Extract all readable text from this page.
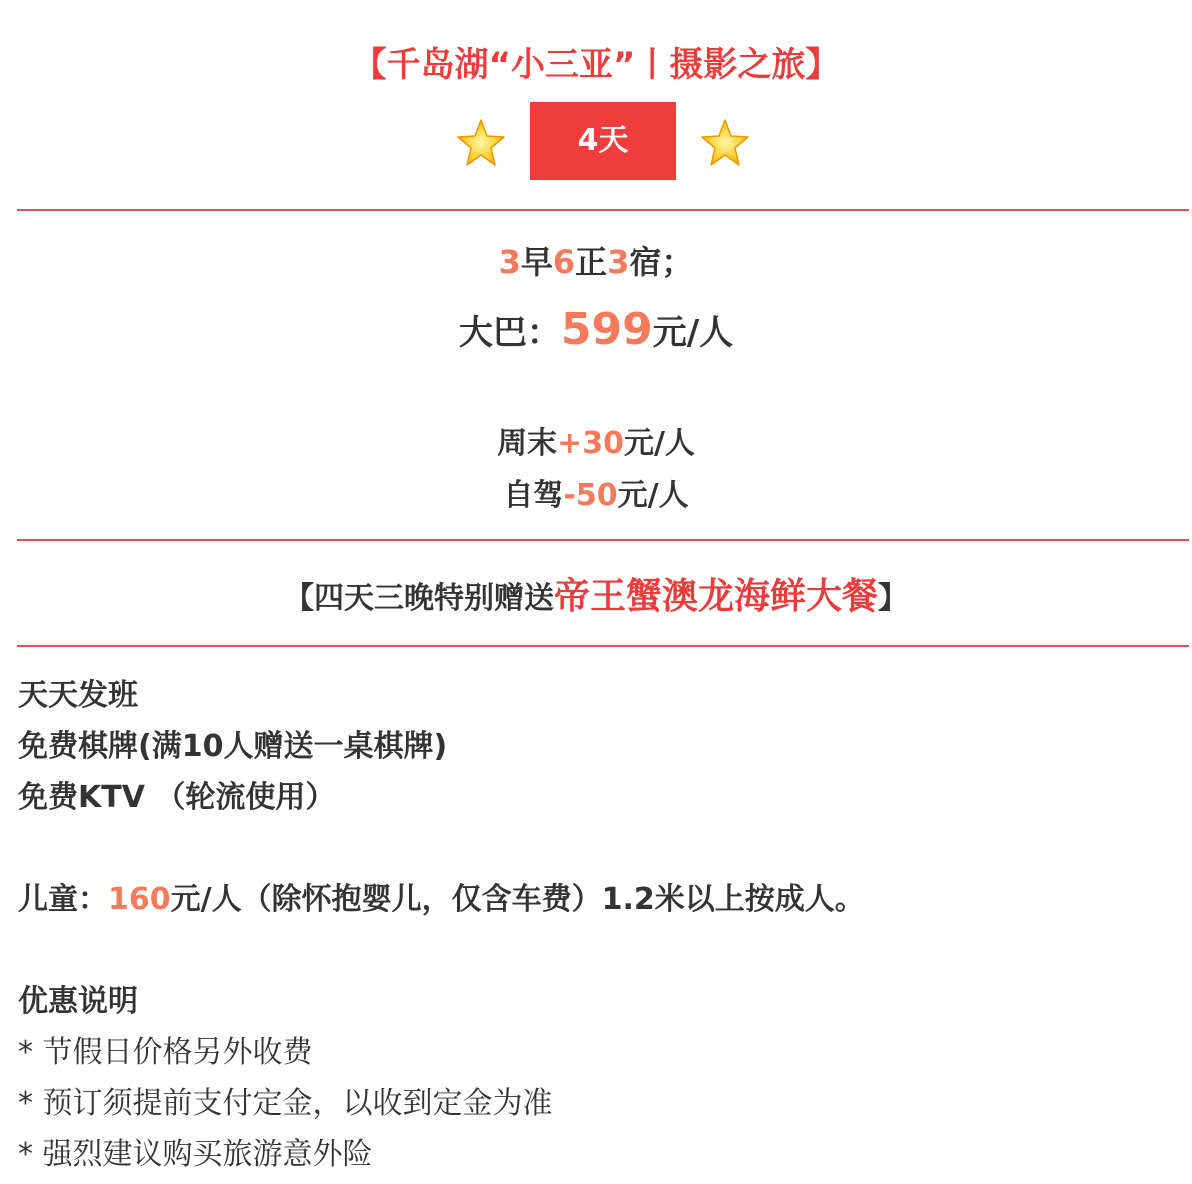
【千岛湖“小三亚”丨摄影之旅】
4天
3早6正3宿；
大巴：599元/人
周末+30元/人
自驾-50元/人
【四天三晚特别赠送帝王蟹澳龙海鲜大餐】
天天发班
免费棋牌(满10人赠送一桌棋牌)
免费KTV （轮流使用）
儿童：160元/人（除怀抱婴儿，仅含车费）1.2米以上按成人。
优惠说明
* 节假日价格另外收费
* 预订须提前支付定金，以收到定金为准
* 强烈建议购买旅游意外险
